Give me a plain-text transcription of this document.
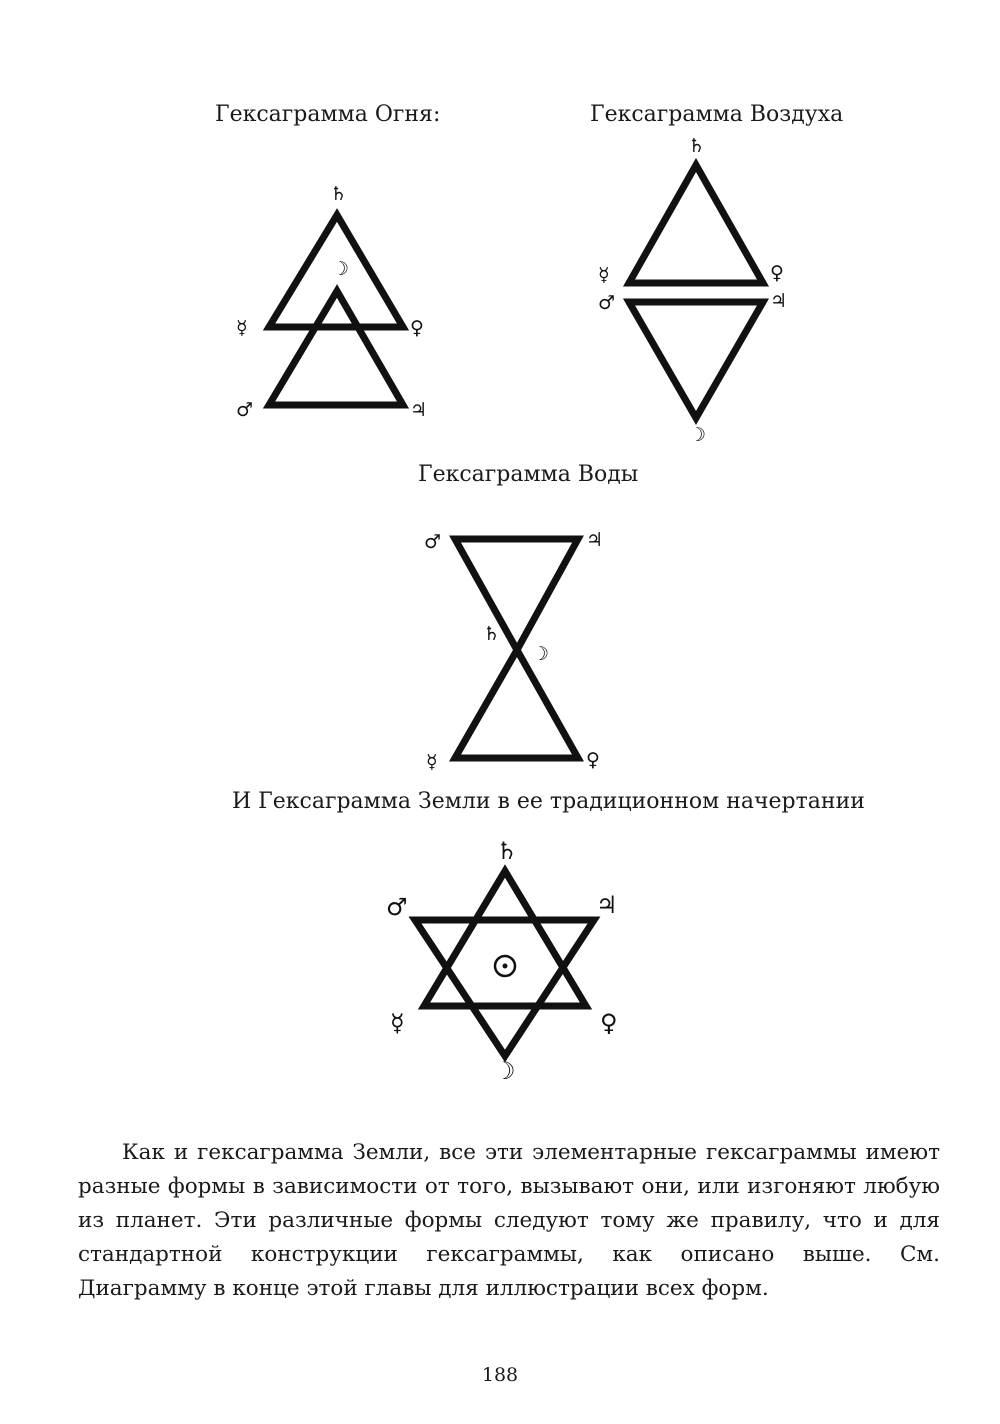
Гексаграмма Огня:	Гексаграмма Воздуха
Гексаграмма Воды
И Гексаграмма Земли в ее традиционном начертании
♄
☽
☿	♀
♂	♃
♄
☿	♀
♂	♃
☽
♂	♃
♄
☽
☿	♀
♄
♂	♃
☿	♀
☽

Как и гексаграмма Земли, все эти элементарные гексаграммы имеют разные формы в зависимости от того, вызывают они, или изгоняют любую из планет. Эти различные формы следуют тому же правилу, что и для стандартной конструкции гексаграммы, как описано выше. См. Диаграмму в конце этой главы для иллюстрации всех форм.

188
